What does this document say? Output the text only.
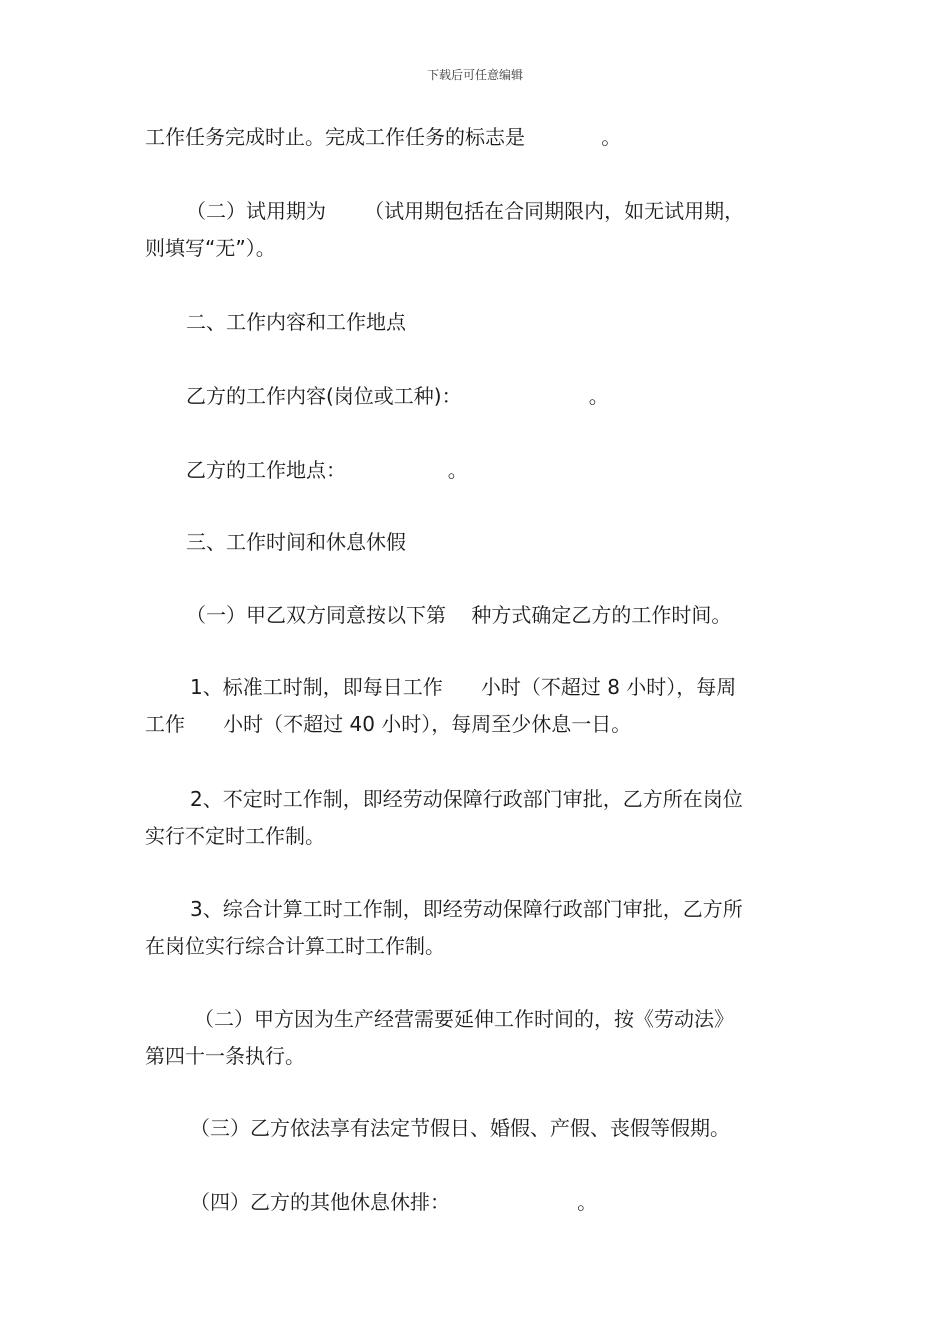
下载后可任意编辑
工作任务完成时止。完成工作任务的标志是            。
（二）试用期为      （试用期包括在合同期限内，如无试用期，
则填写“无”）。
二、工作内容和工作地点
乙方的工作内容(岗位或工种)：                    。
乙方的工作地点：                。
三、工作时间和休息休假
（一）甲乙双方同意按以下第    种方式确定乙方的工作时间。
1、标准工时制，即每日工作      小时（不超过 8 小时），每周
工作      小时（不超过 40 小时），每周至少休息一日。
2、不定时工作制，即经劳动保障行政部门审批，乙方所在岗位
实行不定时工作制。
3、综合计算工时工作制，即经劳动保障行政部门审批，乙方所
在岗位实行综合计算工时工作制。
（二）甲方因为生产经营需要延伸工作时间的，按《劳动法》
第四十一条执行。
（三）乙方依法享有法定节假日、婚假、产假、丧假等假期。
（四）乙方的其他休息休排：                    。
